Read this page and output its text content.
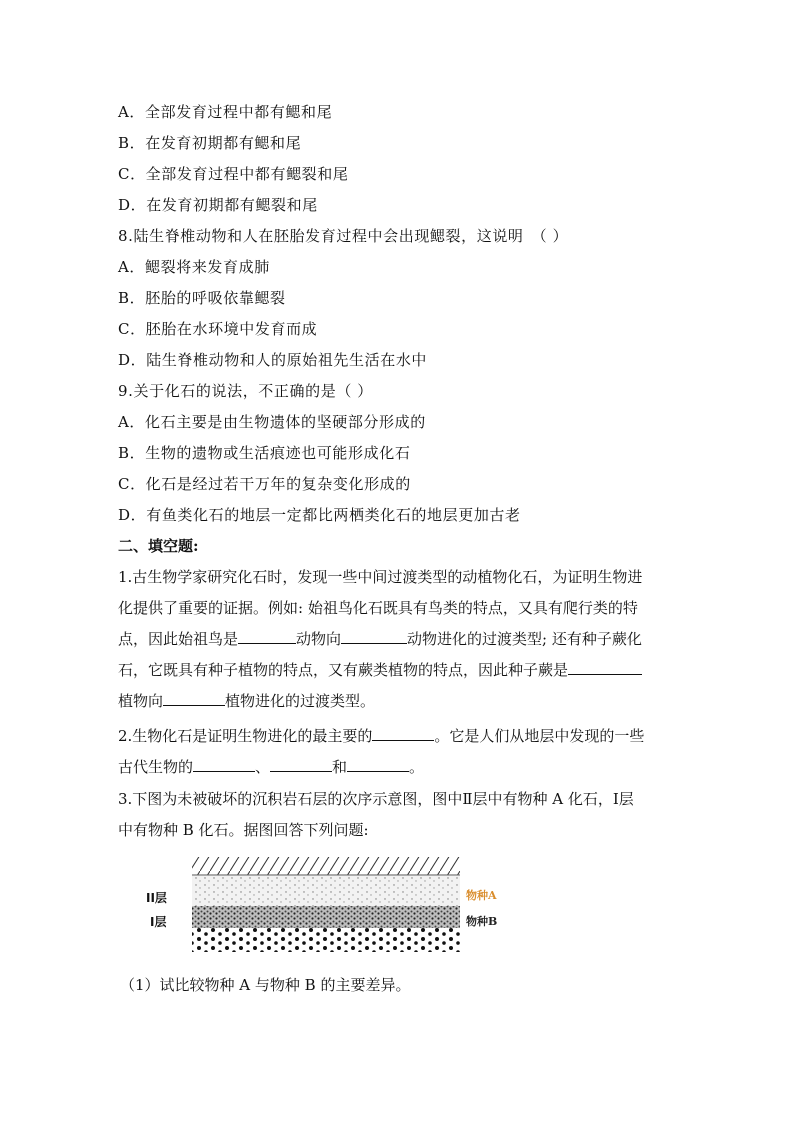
A．全部发育过程中都有鳃和尾
B．在发育初期都有鳃和尾
C．全部发育过程中都有鳃裂和尾
D．在发育初期都有鳃裂和尾
8.陆生脊椎动物和人在胚胎发育过程中会出现鳃裂，这说明　（ ）
A．鳃裂将来发育成肺
B．胚胎的呼吸依靠鳃裂
C．胚胎在水环境中发育而成
D．陆生脊椎动物和人的原始祖先生活在水中
9.关于化石的说法，不正确的是（ ）
A．化石主要是由生物遗体的坚硬部分形成的
B．生物的遗物或生活痕迹也可能形成化石
C．化石是经过若干万年的复杂变化形成的
D．有鱼类化石的地层一定都比两栖类化石的地层更加古老
二、填空题:
1.古生物学家研究化石时，发现一些中间过渡类型的动植物化石，为证明生物进
化提供了重要的证据。例如: 始祖鸟化石既具有鸟类的特点，又具有爬行类的特
点，因此始祖鸟是	动物向	动物进化的过渡类型; 还有种子蕨化
石，它既具有种子植物的特点，又有蕨类植物的特点，因此种子蕨是
植物向	植物进化的过渡类型。
2.生物化石是证明生物进化的最主要的	。它是人们从地层中发现的一些
古代生物的	、	和	。
3.下图为未被破坏的沉积岩石层的次序示意图，图中Ⅱ层中有物种 A 化石，Ⅰ层
中有物种 B 化石。据图回答下列问题:
II层
I层
物种A
物种B
（1）试比较物种 A 与物种 B 的主要差异。
